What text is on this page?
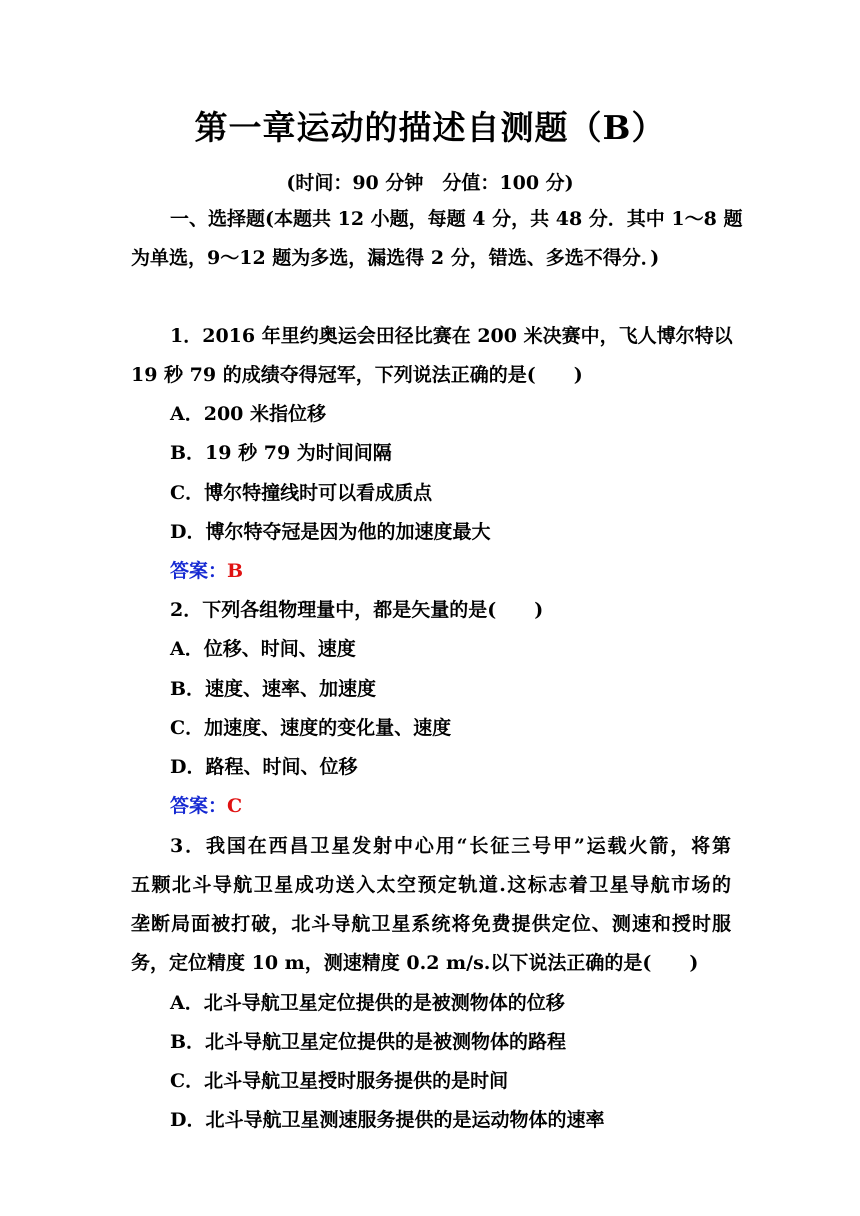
第一章运动的描述自测题（B）
(时间：90 分钟　分值：100 分)
一、选择题(本题共 12 小题，每题 4 分，共 48 分．其中 1～8 题
为单选，9～12 题为多选，漏选得 2 分，错选、多选不得分．)
1．2016 年里约奥运会田径比赛在 200 米决赛中，飞人博尔特以
19 秒 79 的成绩夺得冠军，下列说法正确的是(　　)
A．200 米指位移
B．19 秒 79 为时间间隔
C．博尔特撞线时可以看成质点
D．博尔特夺冠是因为他的加速度最大
答案：B
2．下列各组物理量中，都是矢量的是(　　)
A．位移、时间、速度
B．速度、速率、加速度
C．加速度、速度的变化量、速度
D．路程、时间、位移
答案：C
3．我国在西昌卫星发射中心用“长征三号甲”运载火箭，将第
五颗北斗导航卫星成功送入太空预定轨道.这标志着卫星导航市场的
垄断局面被打破，北斗导航卫星系统将免费提供定位、测速和授时服
务，定位精度 10 m，测速精度 0.2 m/s.以下说法正确的是(　　)
A．北斗导航卫星定位提供的是被测物体的位移
B．北斗导航卫星定位提供的是被测物体的路程
C．北斗导航卫星授时服务提供的是时间
D．北斗导航卫星测速服务提供的是运动物体的速率
